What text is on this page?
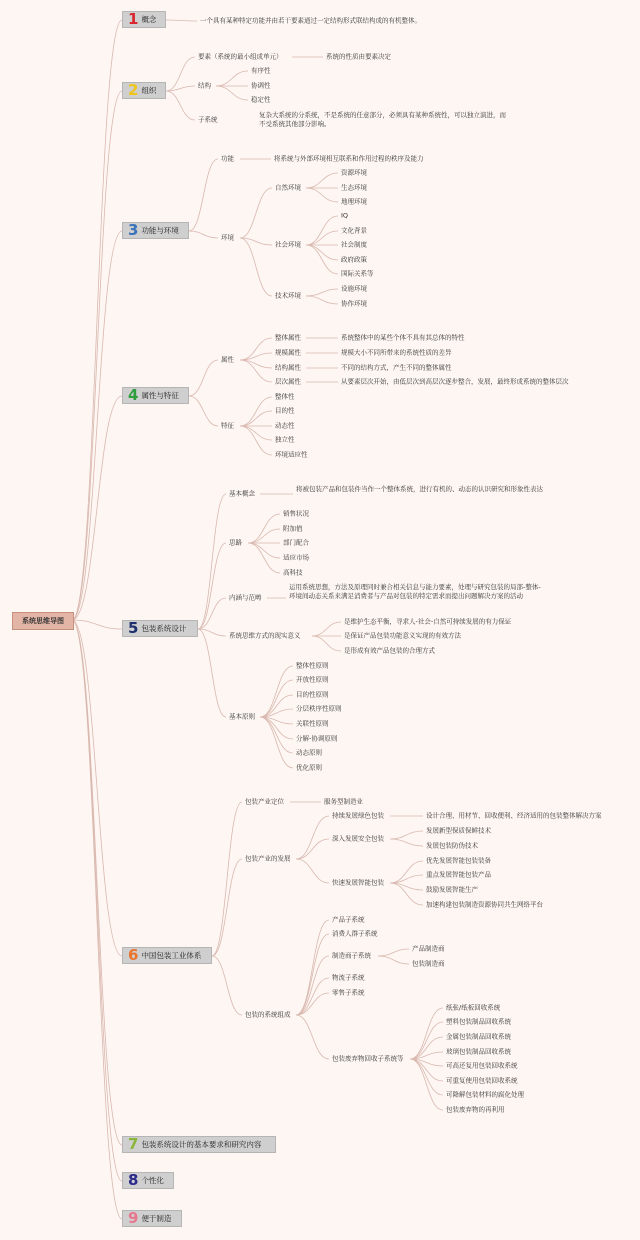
系统思维导图
1 概念
2 组织
3 功能与环境
4 属性与特征
5 包装系统设计
6 中国包装工业体系
7 包装系统设计的基本要求和研究内容
8 个性化
9 便于制造
一个具有某种特定功能并由若干要素通过一定结构形式联结构成的有机整体。
要素（系统的最小组成单元）	系统的性质由要素决定
结构
有序性
协调性
稳定性
子系统
复杂大系统的分系统，不是系统的任意部分，必须具有某种系统性，可以独立演进，而不受系统其他部分影响。
功能	将系统与外部环境相互联系和作用过程的秩序及能力
环境
自然环境
资源环境
生态环境
地理环境
社会环境
IQ
文化背景
社会制度
政府政策
国际关系等
技术环境
设施环境
协作环境
属性
整体属性	系统整体中的某些个体不具有其总体的特性
规模属性	规模大小不同所带来的系统性质的差异
结构属性	不同的结构方式，产生不同的整体属性
层次属性	从要素层次开始，由低层次到高层次逐步整合，发展，最终形成系统的整体层次
特征
整体性
目的性
动态性
独立性
环境适应性
基本概念
将被包装产品和包装件当作一个整体系统，进行有机的、动态的认识研究和形象性表达
思路
销售状况
附加值
部门配合
适应市场
高科技
内涵与范畴
运用系统思想，方法及原理同时兼合相关信息与能力要素，处理与研究包装的局部-整体-环境间动态关系来满足消费者与产品对包装的特定需求而提出问题解决方案的活动
系统思维方式的现实意义
是维护生态平衡，寻求人-社会-自然可持续发展的有力保证
是保证产品包装功能意义实现的有效方法
是形成有效产品包装的合理方式
基本原则
整体性原则
开放性原则
目的性原则
分层秩序性原则
关联性原则
分解-协调原则
动态原则
优化原则
包装产业定位	服务型制造业
包装产业的发展
持续发展绿色包装	设计合理、用材节、回收便利、经济适用的包装整体解决方案
深入发展安全包装
发展新型保质保鲜技术
发展包装防伪技术
快速发展智能包装
优先发展智能包装装备
重点发展智能包装产品
鼓励发展智能生产
加速构建包装制造资源协同共生网络平台
包装的系统组成
产品子系统
消费人群子系统
制造商子系统
产品制造商
包装制造商
物流子系统
零售子系统
包装废弃物回收子系统等
纸张/纸板回收系统
塑料包装制品回收系统
金属包装制品回收系统
玻璃包装制品回收系统
可高还复用包装回收系统
可重复使用包装回收系统
可降解包装材料的腐化处理
包装废弃物的再利用
